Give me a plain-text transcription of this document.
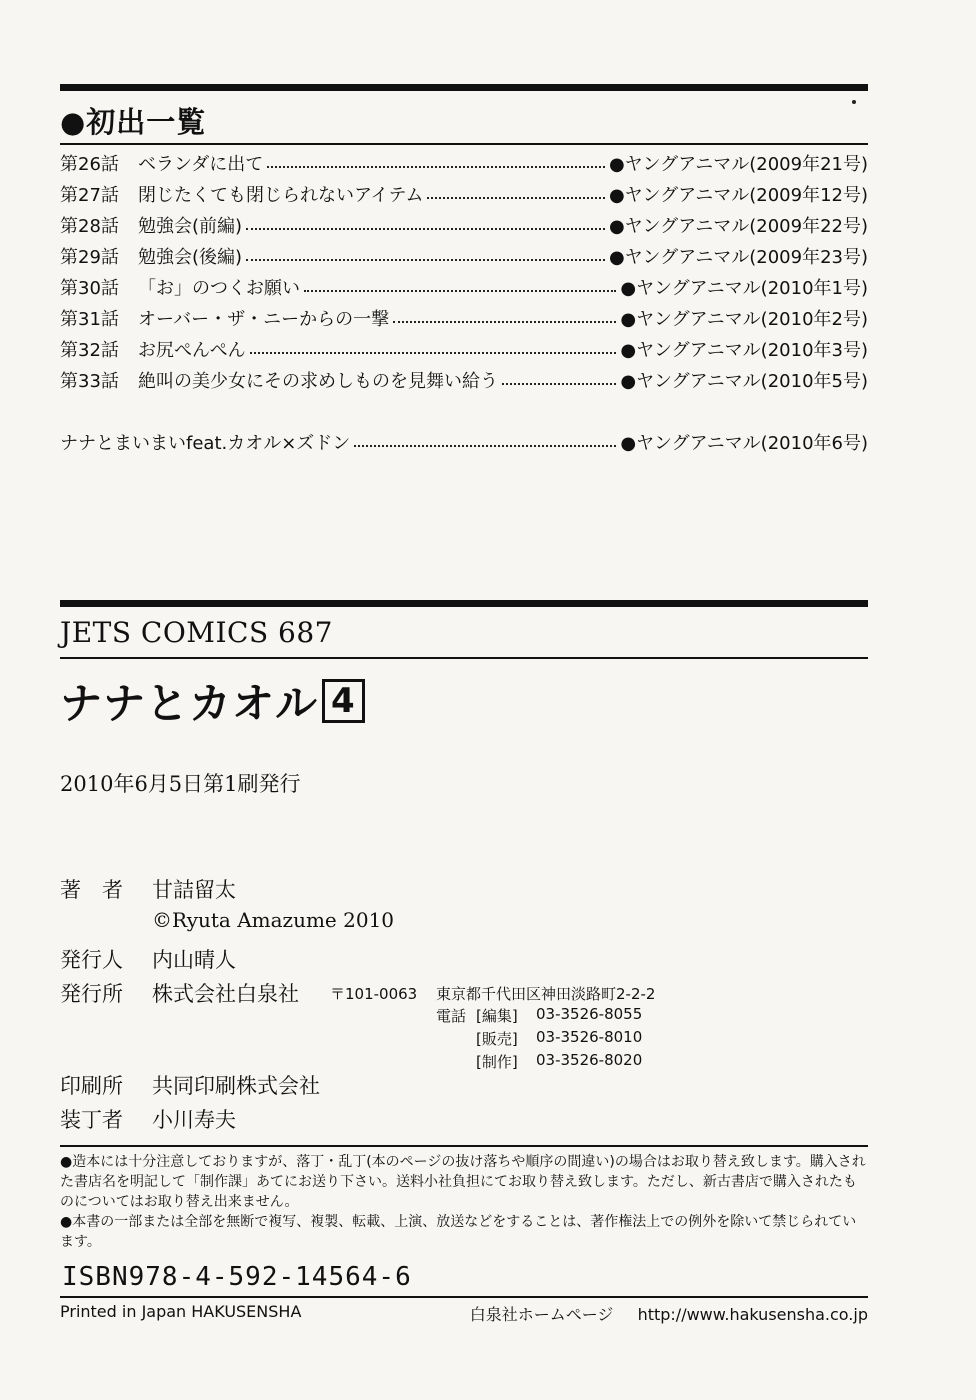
●初出一覧
第26話	ベランダに出て	●ヤングアニマル(2009年21号)
第27話	閉じたくても閉じられないアイテム	●ヤングアニマル(2009年12号)
第28話	勉強会(前編)	●ヤングアニマル(2009年22号)
第29話	勉強会(後編)	●ヤングアニマル(2009年23号)
第30話	「お」のつくお願い	●ヤングアニマル(2010年1号)
第31話	オーバー・ザ・ニーからの一撃	●ヤングアニマル(2010年2号)
第32話	お尻ぺんぺん	●ヤングアニマル(2010年3号)
第33話	絶叫の美少女にその求めしものを見舞い給う	●ヤングアニマル(2010年5号)
ナナとまいまいfeat.カオル×ズドン	●ヤングアニマル(2010年6号)
JETS COMICS 687
ナナとカオル 4
2010年6月5日第1刷発行
著　者 甘詰留太
©Ryuta Amazume 2010
発行人 内山晴人
発行所 株式会社白泉社 〒101-0063 東京都千代田区神田淡路町2-2-2
電話 [編集] 03-3526-8055
[販売] 03-3526-8010
[制作] 03-3526-8020
印刷所 共同印刷株式会社
装丁者 小川寿夫

●造本には十分注意しておりますが、落丁・乱丁(本のページの抜け落ちや順序の間違い)の場合はお取り替え致します。購入された書店名を明記して「制作課」あてにお送り下さい。送料小社負担にてお取り替え致します。ただし、新古書店で購入されたものについてはお取り替え出来ません。

●本書の一部または全部を無断で複写、複製、転載、上演、放送などをすることは、著作権法上での例外を除いて禁じられています。

ISBN978-4-592-14564-6
Printed in Japan HAKUSENSHA	白泉社ホームページ http://www.hakusensha.co.jp
